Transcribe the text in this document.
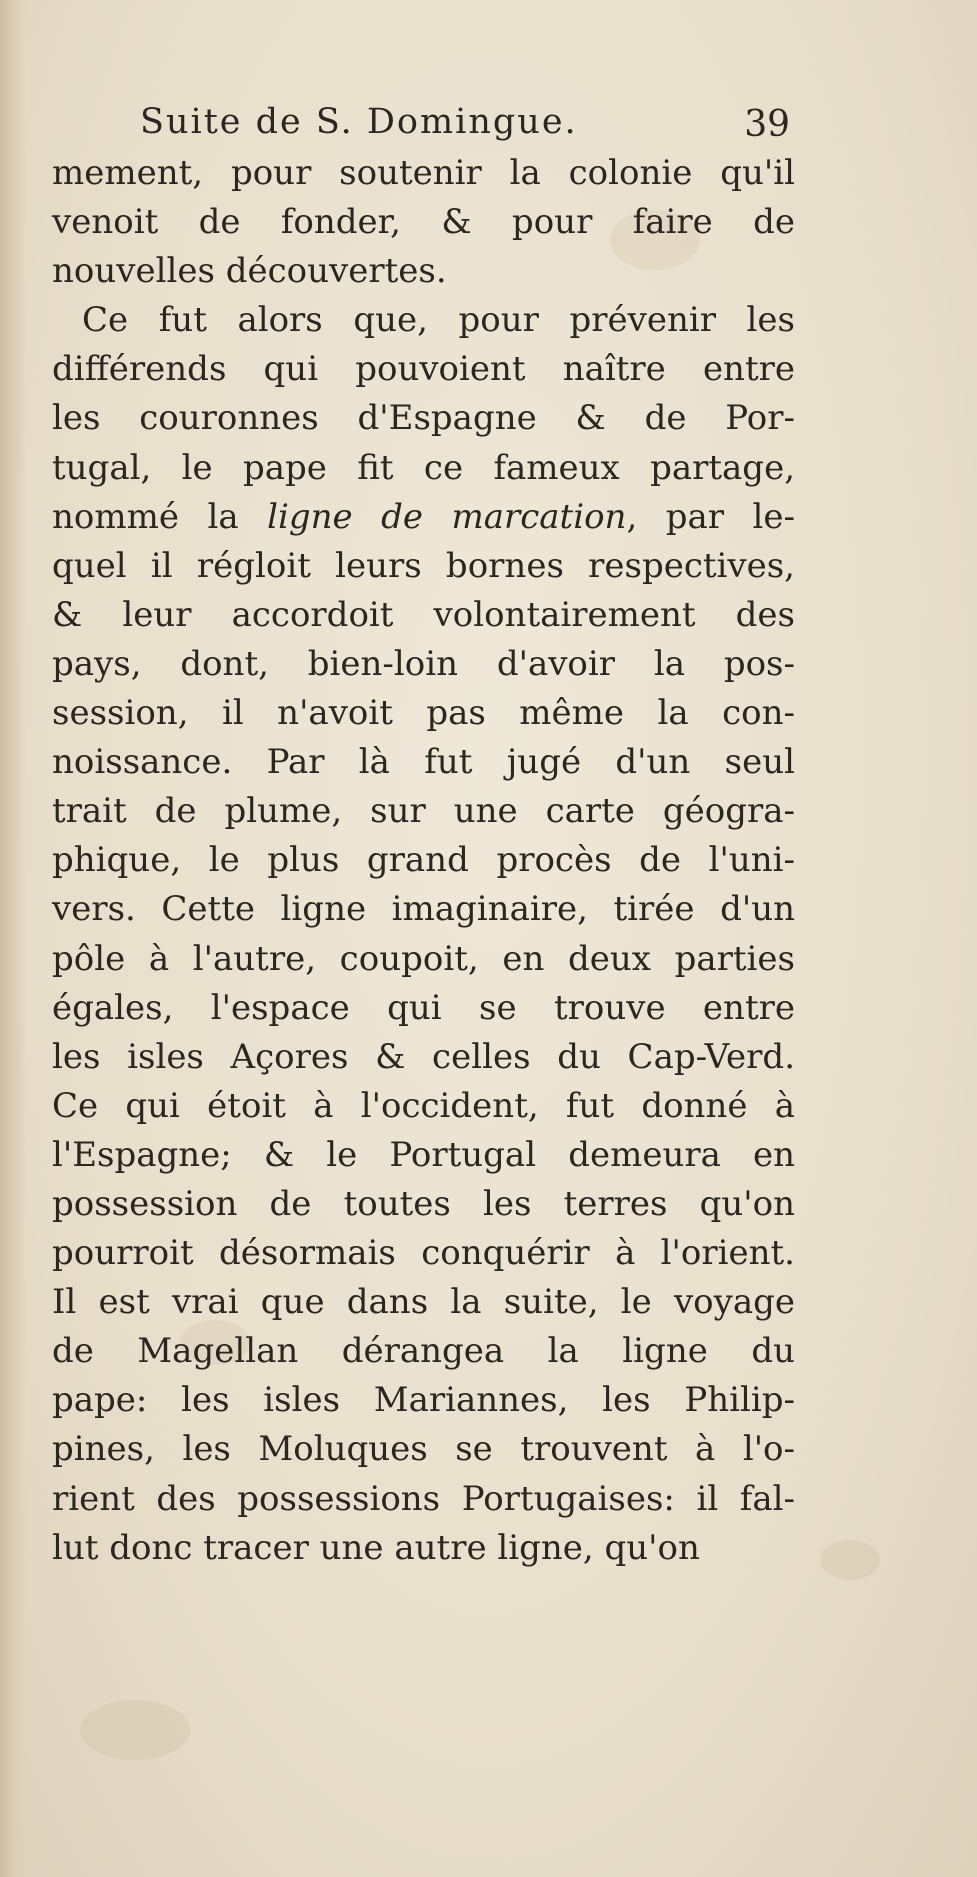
Suite de S. Domingue.	39
mement, pour soutenir la colonie qu'il
venoit de fonder, & pour faire de
nouvelles découvertes.
Ce fut alors que, pour prévenir les
différends qui pouvoient naître entre
les couronnes d'Espagne & de Por-
tugal, le pape fit ce fameux partage,
nommé la ligne de marcation, par le-
quel il régloit leurs bornes respectives,
& leur accordoit volontairement des
pays, dont, bien-loin d'avoir la pos-
session, il n'avoit pas même la con-
noissance. Par là fut jugé d'un seul
trait de plume, sur une carte géogra-
phique, le plus grand procès de l'uni-
vers. Cette ligne imaginaire, tirée d'un
pôle à l'autre, coupoit, en deux parties
égales, l'espace qui se trouve entre
les isles Açores & celles du Cap-Verd.
Ce qui étoit à l'occident, fut donné à
l'Espagne; & le Portugal demeura en
possession de toutes les terres qu'on
pourroit désormais conquérir à l'orient.
Il est vrai que dans la suite, le voyage
de Magellan dérangea la ligne du
pape: les isles Mariannes, les Philip-
pines, les Moluques se trouvent à l'o-
rient des possessions Portugaises: il fal-
lut donc tracer une autre ligne, qu'on
